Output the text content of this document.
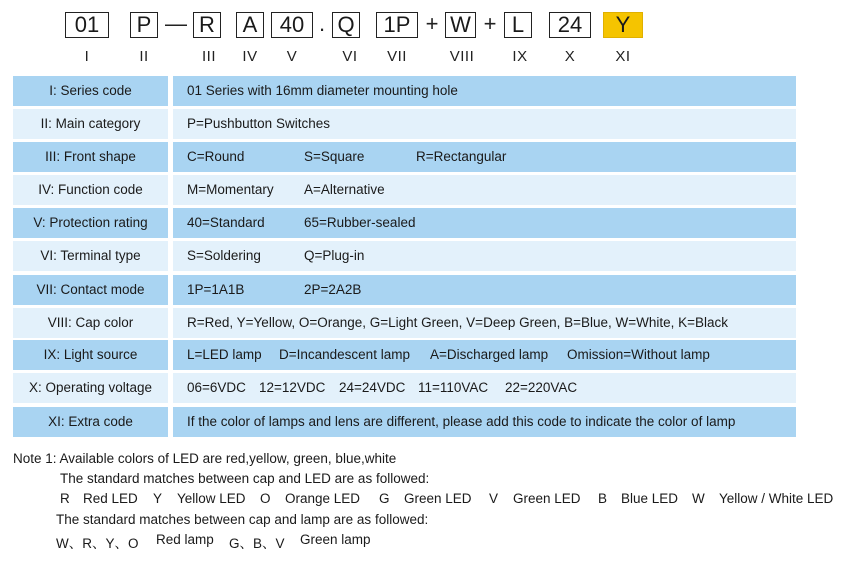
01	P — R	A	40 . Q	1P + W + L	24	Y
I	II	III	IV	V	VI	VII	VIII	IX	X	XI
I: Series code	01 Series with 16mm diameter mounting hole
II: Main category	P=Pushbutton Switches
III: Front shape	C=Round	S=Square	R=Rectangular
IV: Function code	M=Momentary A=Alternative
V: Protection rating	40=Standard	65=Rubber-sealed
VI: Terminal type	S=Soldering	Q=Plug-in
VII: Contact mode	1P=1A1B	2P=2A2B
VIII: Cap color	R=Red, Y=Yellow, O=Orange, G=Light Green, V=Deep Green, B=Blue, W=White, K=Black
IX: Light source	L=LED lamp D=Incandescent lamp A=Discharged lamp Omission=Without lamp
X: Operating voltage	06=6VDC 12=12VDC 24=24VDC 11=110VAC 22=220VAC
XI: Extra code	If the color of lamps and lens are different, please add this code to indicate the color of lamp
Note 1: Available colors of LED are red,yellow, green, blue,white
The standard matches between cap and LED are as followed:
R Red LED Y Yellow LED O Orange LED G Green LED V Green LED B Blue LED W Yellow / White LED
The standard matches between cap and lamp are as followed:
W、R、Y、O Red lamp G、B、V Green lamp
